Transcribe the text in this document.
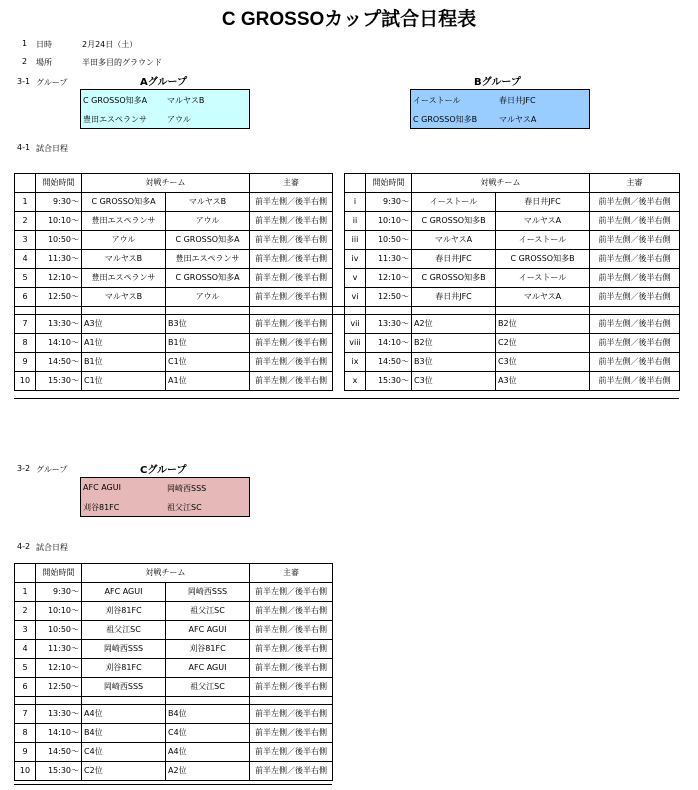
C GROSSOカップ試合日程表
1 日時	2月24日（土）
2 場所	半田多目的グラウンド
3-1 グループ	Aグループ
C GROSSO知多A マルヤスB
豊田エスペランサ	アウル
Bグループ
イーストール	春日井JFC
C GROSSO知多B	マルヤスA
4-1 試合日程
	開始時間	対戦チーム		主審			開始時間	対戦チーム		主審
1	9:30～	C GROSSO知多A	マルヤスB	前半左側／後半右側		i	9:30～	イーストール	春日井JFC	前半左側／後半右側
2	10:10～	豊田エスペランサ	アウル	前半左側／後半右側		ii	10:10～	C GROSSO知多B	マルヤスA	前半左側／後半右側
3	10:50～	アウル	C GROSSO知多A	前半左側／後半右側		iii	10:50～	マルヤスA	イーストール	前半左側／後半右側
4	11:30～	マルヤスB	豊田エスペランサ	前半左側／後半右側		iv	11:30～	春日井JFC	C GROSSO知多B	前半左側／後半右側
5	12:10～	豊田エスペランサ	C GROSSO知多A	前半左側／後半右側		v	12:10～	C GROSSO知多B	イーストール	前半左側／後半右側
6	12:50～	マルヤスB	アウル	前半左側／後半右側		vi	12:50～	春日井JFC	マルヤスA	前半左側／後半右側

7	13:30～	A3位	B3位	前半左側／後半右側		vii	13:30～	A2位	B2位	前半左側／後半右側
8	14:10～	A1位	B1位	前半左側／後半右側		viii	14:10～	B2位	C2位	前半左側／後半右側
9	14:50～	B1位	C1位	前半左側／後半右側		ix	14:50～	B3位	C3位	前半左側／後半右側
10	15:30～	C1位	A1位	前半左側／後半右側		x	15:30～	C3位	A3位	前半左側／後半右側
3-2 グループ	Cグループ
AFC AGUI	岡崎西SSS
刈谷81FC	祖父江SC
4-2 試合日程
	開始時間	対戦チーム		主審
1	9:30～	AFC AGUI	岡崎西SSS	前半左側／後半右側
2	10:10～	刈谷81FC	祖父江SC	前半左側／後半右側
3	10:50～	祖父江SC	AFC AGUI	前半左側／後半右側
4	11:30～	岡崎西SSS	刈谷81FC	前半左側／後半右側
5	12:10～	刈谷81FC	AFC AGUI	前半左側／後半右側
6	12:50～	岡崎西SSS	祖父江SC	前半左側／後半右側

7	13:30～	A4位	B4位	前半左側／後半右側
8	14:10～	B4位	C4位	前半左側／後半右側
9	14:50～	C4位	A4位	前半左側／後半右側
10	15:30～	C2位	A2位	前半左側／後半右側
